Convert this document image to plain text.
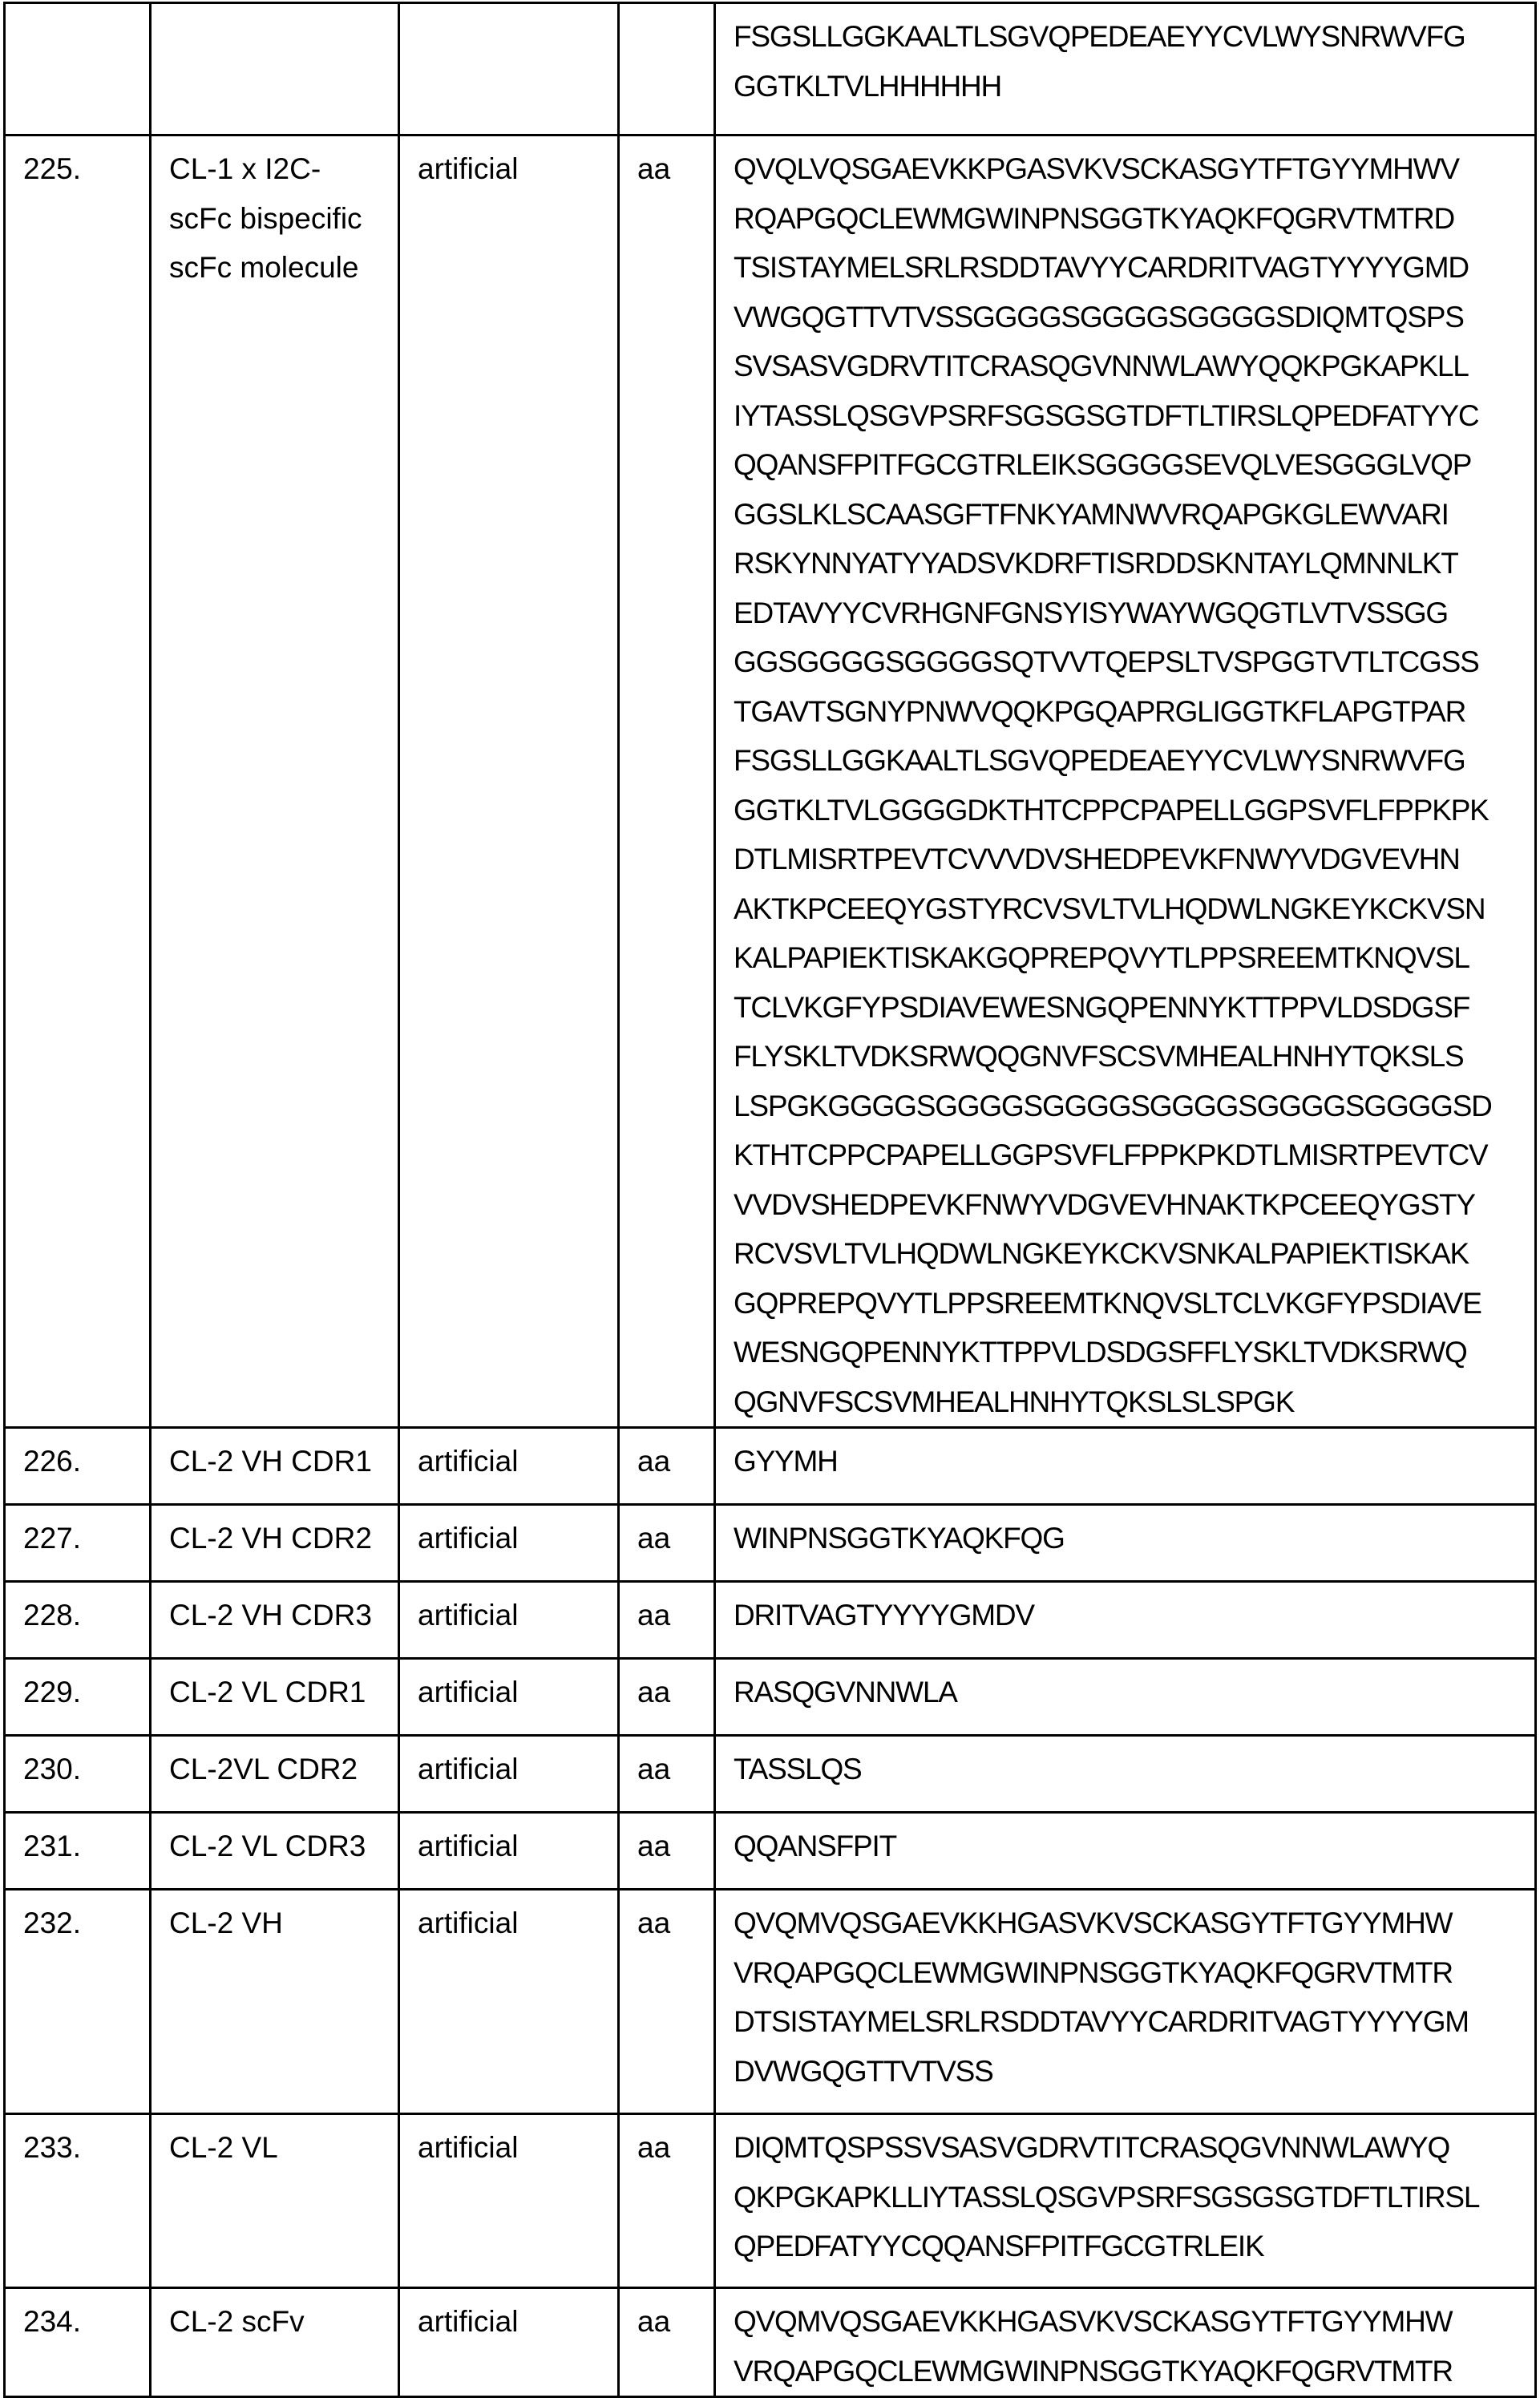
FSGSLLGGKAALTLSGVQPEDEAEYYCVLWYSNRWVFG
GGTKLTVLHHHHHH

225.	CL-1 x I2C-
scFc bispecific
scFc molecule
	artificial	aa	QVQLVQSGAEVKKPGASVKVSCKASGYTFTGYYMHWV
RQAPGQCLEWMGWINPNSGGTKYAQKFQGRVTMTRD
TSISTAYMELSRLRSDDTAVYYCARDRITVAGTYYYYGMD
VWGQGTTVTVSSGGGGSGGGGSGGGGSDIQMTQSPS
SVSASVGDRVTITCRASQGVNNWLAWYQQKPGKAPKLL
IYTASSLQSGVPSRFSGSGSGTDFTLTIRSLQPEDFATYYC
QQANSFPITFGCGTRLEIKSGGGGSEVQLVESGGGLVQP
GGSLKLSCAASGFTFNKYAMNWVRQAPGKGLEWVARI
RSKYNNYATYYADSVKDRFTISRDDSKNTAYLQMNNLKT
EDTAVYYCVRHGNFGNSYISYWAYWGQGTLVTVSSGG
GGSGGGGSGGGGSQTVVTQEPSLTVSPGGTVTLTCGSS
TGAVTSGNYPNWVQQKPGQAPRGLIGGTKFLAPGTPAR
FSGSLLGGKAALTLSGVQPEDEAEYYCVLWYSNRWVFG
GGTKLTVLGGGGDKTHTCPPCPAPELLGGPSVFLFPPKPK
DTLMISRTPEVTCVVVDVSHEDPEVKFNWYVDGVEVHN
AKTKPCEEQYGSTYRCVSVLTVLHQDWLNGKEYKCKVSN
KALPAPIEKTISKAKGQPREPQVYTLPPSREEMTKNQVSL
TCLVKGFYPSDIAVEWESNGQPENNYKTTPPVLDSDGSF
FLYSKLTVDKSRWQQGNVFSCSVMHEALHNHYTQKSLS
LSPGKGGGGSGGGGSGGGGSGGGGSGGGGSGGGGSD
KTHTCPPCPAPELLGGPSVFLFPPKPKDTLMISRTPEVTCV
VVDVSHEDPEVKFNWYVDGVEVHNAKTKPCEEQYGSTY
RCVSVLTVLHQDWLNGKEYKCKVSNKALPAPIEKTISKAK
GQPREPQVYTLPPSREEMTKNQVSLTCLVKGFYPSDIAVE
WESNGQPENNYKTTPPVLDSDGSFFLYSKLTVDKSRWQ
QGNVFSCSVMHEALHNHYTQKSLSLSPGK

226.	CL-2 VH CDR1	artificial	aa	GYYMH

227.	CL-2 VH CDR2	artificial	aa	WINPNSGGTKYAQKFQG

228.	CL-2 VH CDR3	artificial	aa	DRITVAGTYYYYGMDV

229.	CL-2 VL CDR1	artificial	aa	RASQGVNNWLA

230.	CL-2VL CDR2	artificial	aa	TASSLQS

231.	CL-2 VL CDR3	artificial	aa	QQANSFPIT

232.	CL-2 VH	artificial	aa	QVQMVQSGAEVKKHGASVKVSCKASGYTFTGYYMHW
VRQAPGQCLEWMGWINPNSGGTKYAQKFQGRVTMTR
DTSISTAYMELSRLRSDDTAVYYCARDRITVAGTYYYYGM
DVWGQGTTVTVSS

233.	CL-2 VL	artificial	aa	DIQMTQSPSSVSASVGDRVTITCRASQGVNNWLAWYQ
QKPGKAPKLLIYTASSLQSGVPSRFSGSGSGTDFTLTIRSL
QPEDFATYYCQQANSFPITFGCGTRLEIK

234.	CL-2 scFv	artificial	aa	QVQMVQSGAEVKKHGASVKVSCKASGYTFTGYYMHW
VRQAPGQCLEWMGWINPNSGGTKYAQKFQGRVTMTR
